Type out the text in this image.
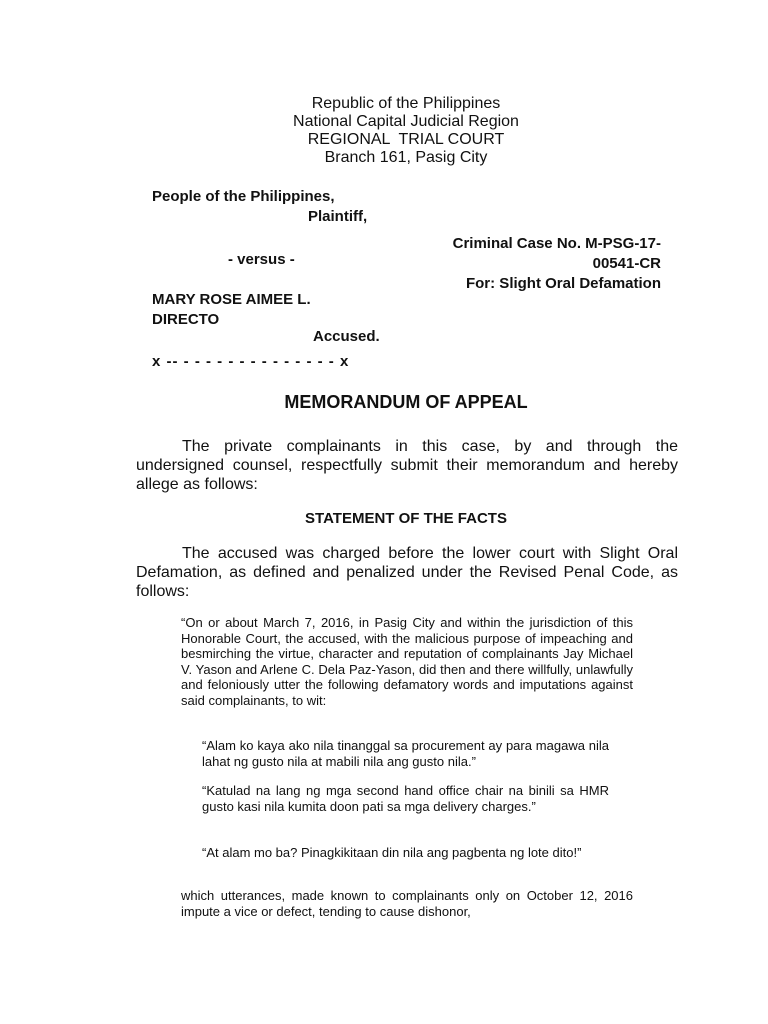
Republic of the Philippines
National Capital Judicial Region
REGIONAL  TRIAL COURT
Branch 161, Pasig City
People of the Philippines,
Plaintiff,
- versus -
MARY ROSE AIMEE L. DIRECTO
Accused.
x -- - - - - - - - - - - - - - - x
Criminal Case No. M-PSG-17-00541-CR
For: Slight Oral Defamation
MEMORANDUM OF APPEAL

The private complainants in this case, by and through the undersigned counsel, respectfully submit their memorandum and hereby allege as follows:

STATEMENT OF THE FACTS

The accused was charged before the lower court with Slight Oral Defamation, as defined and penalized under the Revised Penal Code, as follows:

“On or about March 7, 2016, in Pasig City and within the jurisdiction of this Honorable Court, the accused, with the malicious purpose of impeaching and besmirching the virtue, character and reputation of complainants Jay Michael V. Yason and Arlene C. Dela Paz-Yason, did then and there willfully, unlawfully and feloniously utter the following defamatory words and imputations against said complainants, to wit:

“Alam ko kaya ako nila tinanggal sa procurement ay para magawa nila lahat ng gusto nila at mabili nila ang gusto nila.”

“Katulad na lang ng mga second hand office chair na binili sa HMR gusto kasi nila kumita doon pati sa mga delivery charges.”

“At alam mo ba? Pinagkikitaan din nila ang pagbenta ng lote dito!”

which utterances, made known to complainants only on October 12, 2016 impute a vice or defect, tending to cause dishonor,
